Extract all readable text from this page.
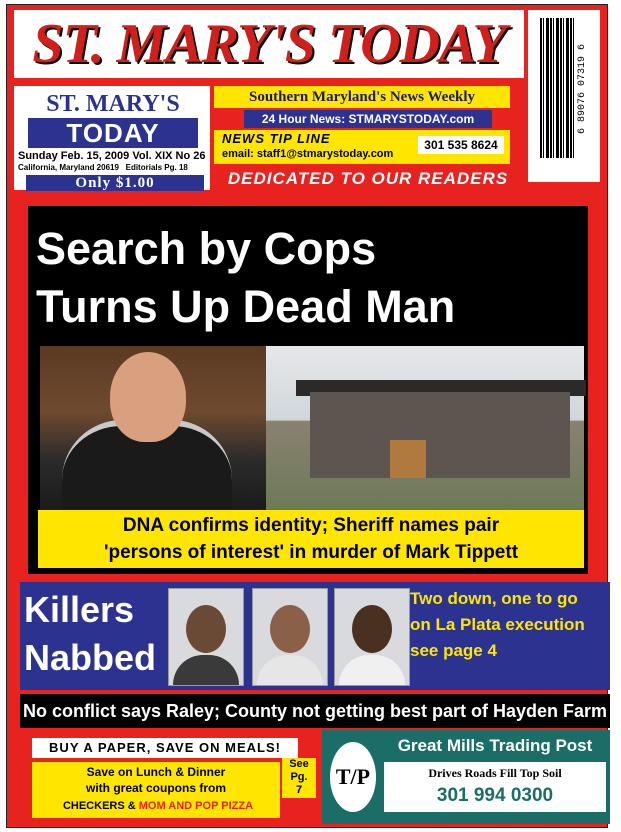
ST. MARY'S TODAY	6 89076 07319 6
ST. MARY'S
TODAY
Sunday Feb. 15, 2009 Vol. XIX No 26
California, Maryland 20619 Editorials Pg. 18
Only $1.00
Southern Maryland's News Weekly
24 Hour News: STMARYSTODAY.com
NEWS TIP LINE
email: staff1@stmarystoday.com
301 535 8624
DEDICATED TO OUR READERS
Search by Cops
Turns Up Dead Man
DNA confirms identity; Sheriff names pair
'persons of interest' in murder of Mark Tippett
Killers
Nabbed
Two down, one to go
on La Plata execution
see page 4
No conflict says Raley; County not getting best part of Hayden Farm
BUY A PAPER, SAVE ON MEALS!
Save on Lunch & Dinner
with great coupons from
CHECKERS & MOM AND POP PIZZA
See
Pg.
7
T/P
Great Mills Trading Post
Drives Roads Fill Top Soil
301 994 0300
